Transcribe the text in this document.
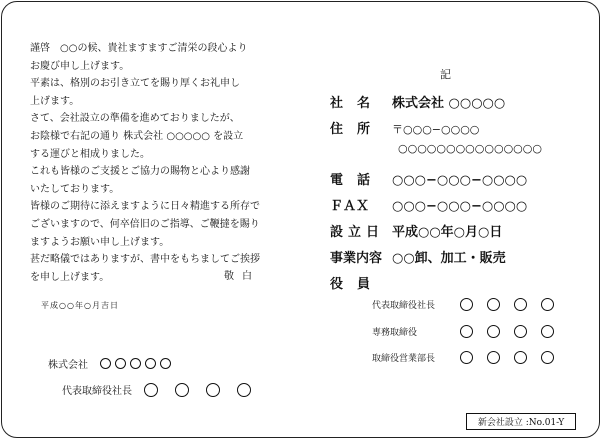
謹啓　○○の候、貴社ますますご清栄の段心より
お慶び申し上げます。
平素は、格別のお引き立てを賜り厚くお礼申し
上げます。
さて、会社設立の準備を進めておりましたが、
お陰様で右記の通り 株式会社 ○○○○○ を設立
する運びと相成りました。
これも皆様のご支援とご協力の賜物と心より感謝
いたしております。
皆様のご期待に添えますように日々精進する所存で
ございますので、何卒倍旧のご指導、ご鞭撻を賜り
ますようお願い申し上げます。
甚だ略儀ではありますが、書中をもちましてご挨拶
を申し上げます。	敬白
平成○○年○月吉日
株式会社
代表取締役社長
記
社名 株式会社 ○○○○○
住所 〒○○○−○○○○
○○○○○○○○○○○○○○○
電話 ○○○−○○○−○○○○
ＦＡＸ ○○○−○○○−○○○○
設立日 平成○○年○月○日
事業内容 ○○卸、加工・販売
役員
代表取締役社長
専務取締役
取締役営業部長
新会社設立 :No.01-Y
